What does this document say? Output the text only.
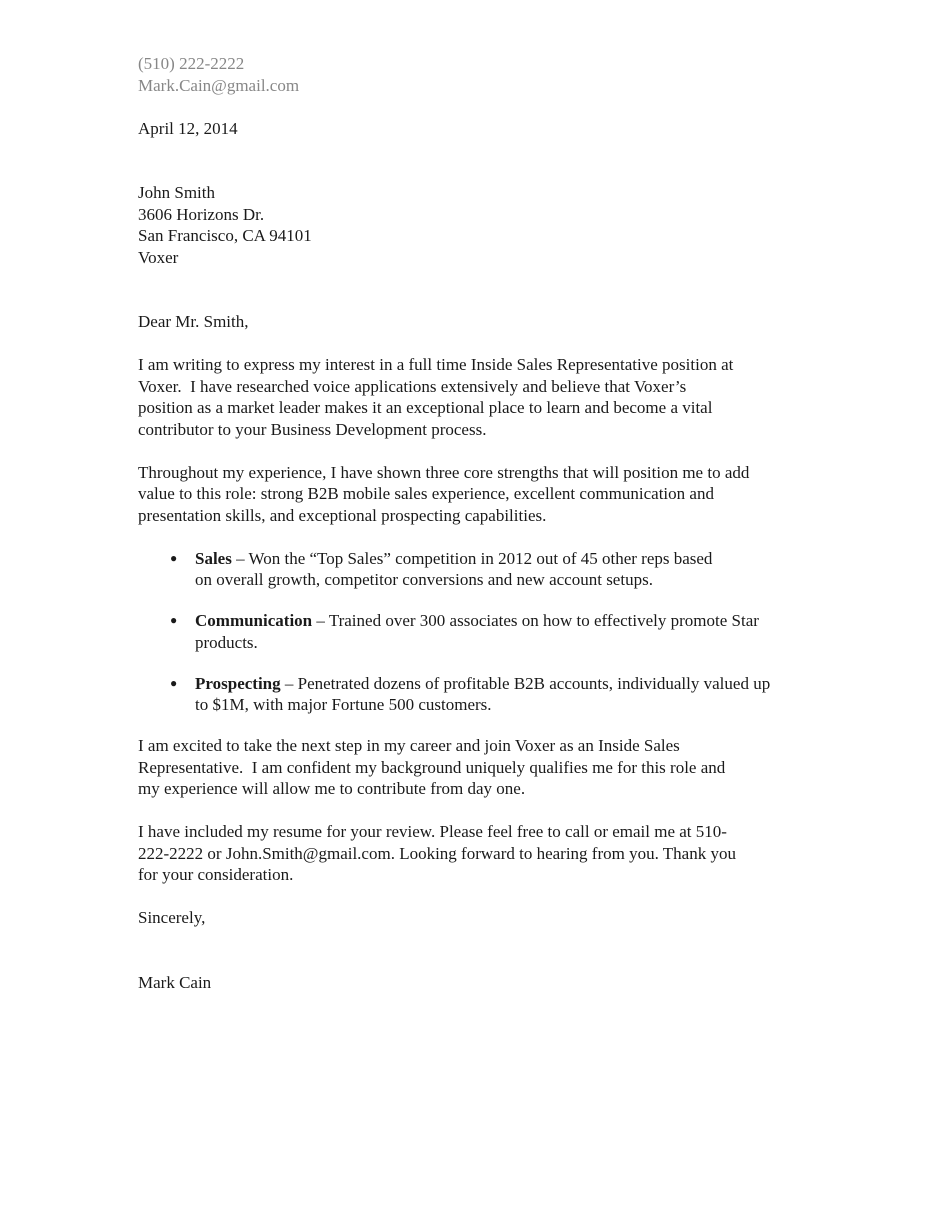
(510) 222-2222
Mark.Cain@gmail.com
April 12, 2014
John Smith
3606 Horizons Dr.
San Francisco, CA 94101
Voxer
Dear Mr. Smith,
I am writing to express my interest in a full time Inside Sales Representative position at
Voxer.  I have researched voice applications extensively and believe that Voxer’s
position as a market leader makes it an exceptional place to learn and become a vital
contributor to your Business Development process.
Throughout my experience, I have shown three core strengths that will position me to add
value to this role: strong B2B mobile sales experience, excellent communication and
presentation skills, and exceptional prospecting capabilities.
●	Sales – Won the “Top Sales” competition in 2012 out of 45 other reps based on overall growth, competitor conversions and new account setups.
●	Communication – Trained over 300 associates on how to effectively promote Star products.
●	Prospecting – Penetrated dozens of profitable B2B accounts, individually valued up to $1M, with major Fortune 500 customers.
I am excited to take the next step in my career and join Voxer as an Inside Sales
Representative.  I am confident my background uniquely qualifies me for this role and
my experience will allow me to contribute from day one.
I have included my resume for your review. Please feel free to call or email me at 510-
222-2222 or John.Smith@gmail.com. Looking forward to hearing from you. Thank you
for your consideration.
Sincerely,
Mark Cain
